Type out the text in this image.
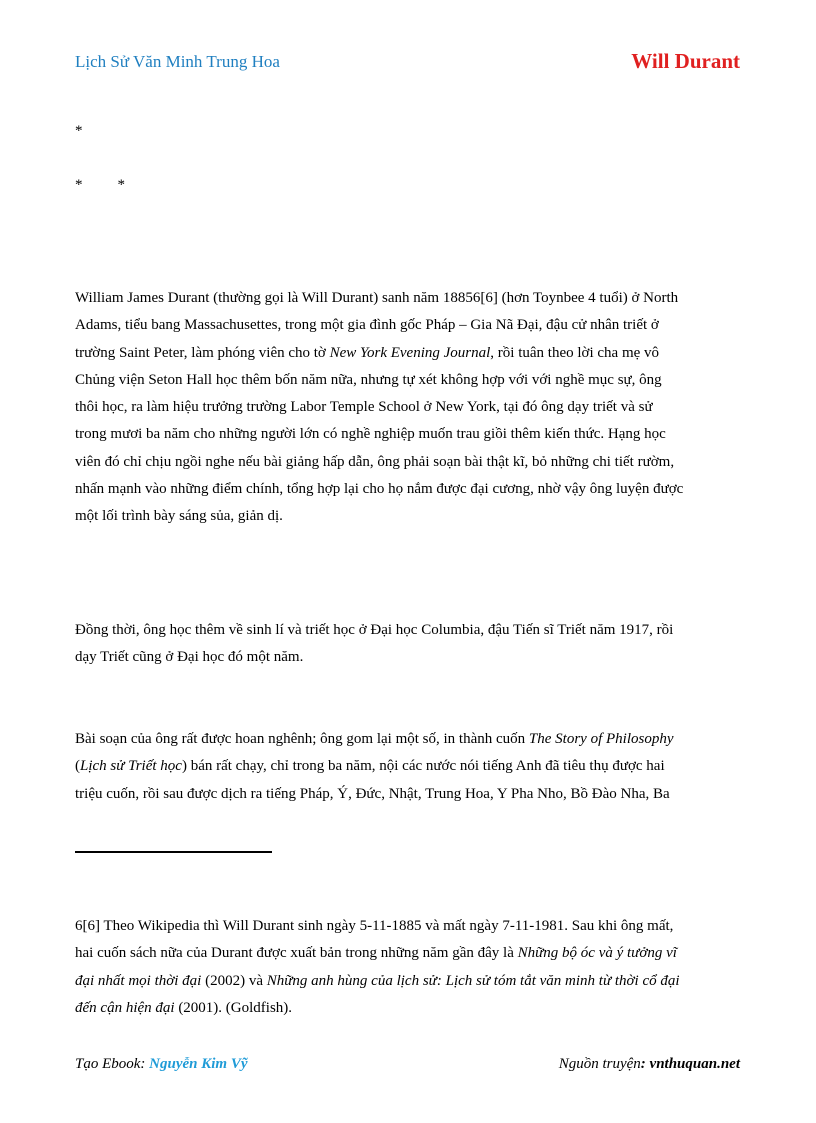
Lịch Sử Văn Minh Trung Hoa	Will Durant
*
* *
William James Durant (thường gọi là Will Durant) sanh năm 18856[6] (hơn Toynbee 4 tuổi) ở North
Adams, tiểu bang Massachusettes, trong một gia đình gốc Pháp – Gia Nã Đại, đậu cử nhân triết ở
trường Saint Peter, làm phóng viên cho tờ New York Evening Journal, rồi tuân theo lời cha mẹ vô
Chủng viện Seton Hall học thêm bốn năm nữa, nhưng tự xét không hợp với với nghề mục sự, ông
thôi học, ra làm hiệu trưởng trường Labor Temple School ở New York, tại đó ông dạy triết và sử
trong mươi ba năm cho những người lớn có nghề nghiệp muốn trau giồi thêm kiến thức. Hạng học
viên đó chỉ chịu ngồi nghe nếu bài giảng hấp dẫn, ông phải soạn bài thật kĩ, bỏ những chi tiết rườm,
nhấn mạnh vào những điểm chính, tổng hợp lại cho họ nắm được đại cương, nhờ vậy ông luyện được
một lối trình bày sáng sủa, giản dị.
Đồng thời, ông học thêm về sinh lí và triết học ở Đại học Columbia, đậu Tiến sĩ Triết năm 1917, rồi
dạy Triết cũng ở Đại học đó một năm.
Bài soạn của ông rất được hoan nghênh; ông gom lại một số, in thành cuốn The Story of Philosophy
(Lịch sử Triết học) bán rất chạy, chỉ trong ba năm, nội các nước nói tiếng Anh đã tiêu thụ được hai
triệu cuốn, rồi sau được dịch ra tiếng Pháp, Ý, Đức, Nhật, Trung Hoa, Y Pha Nho, Bồ Đào Nha, Ba
6[6] Theo Wikipedia thì Will Durant sinh ngày 5-11-1885 và mất ngày 7-11-1981. Sau khi ông mất,
hai cuốn sách nữa của Durant được xuất bản trong những năm gần đây là Những bộ óc và ý tưởng vĩ
đại nhất mọi thời đại (2002) và Những anh hùng của lịch sử: Lịch sử tóm tắt văn minh từ thời cổ đại
đến cận hiện đại (2001). (Goldfish).
Tạo Ebook: Nguyễn Kim Vỹ	Nguồn truyện: vnthuquan.net
